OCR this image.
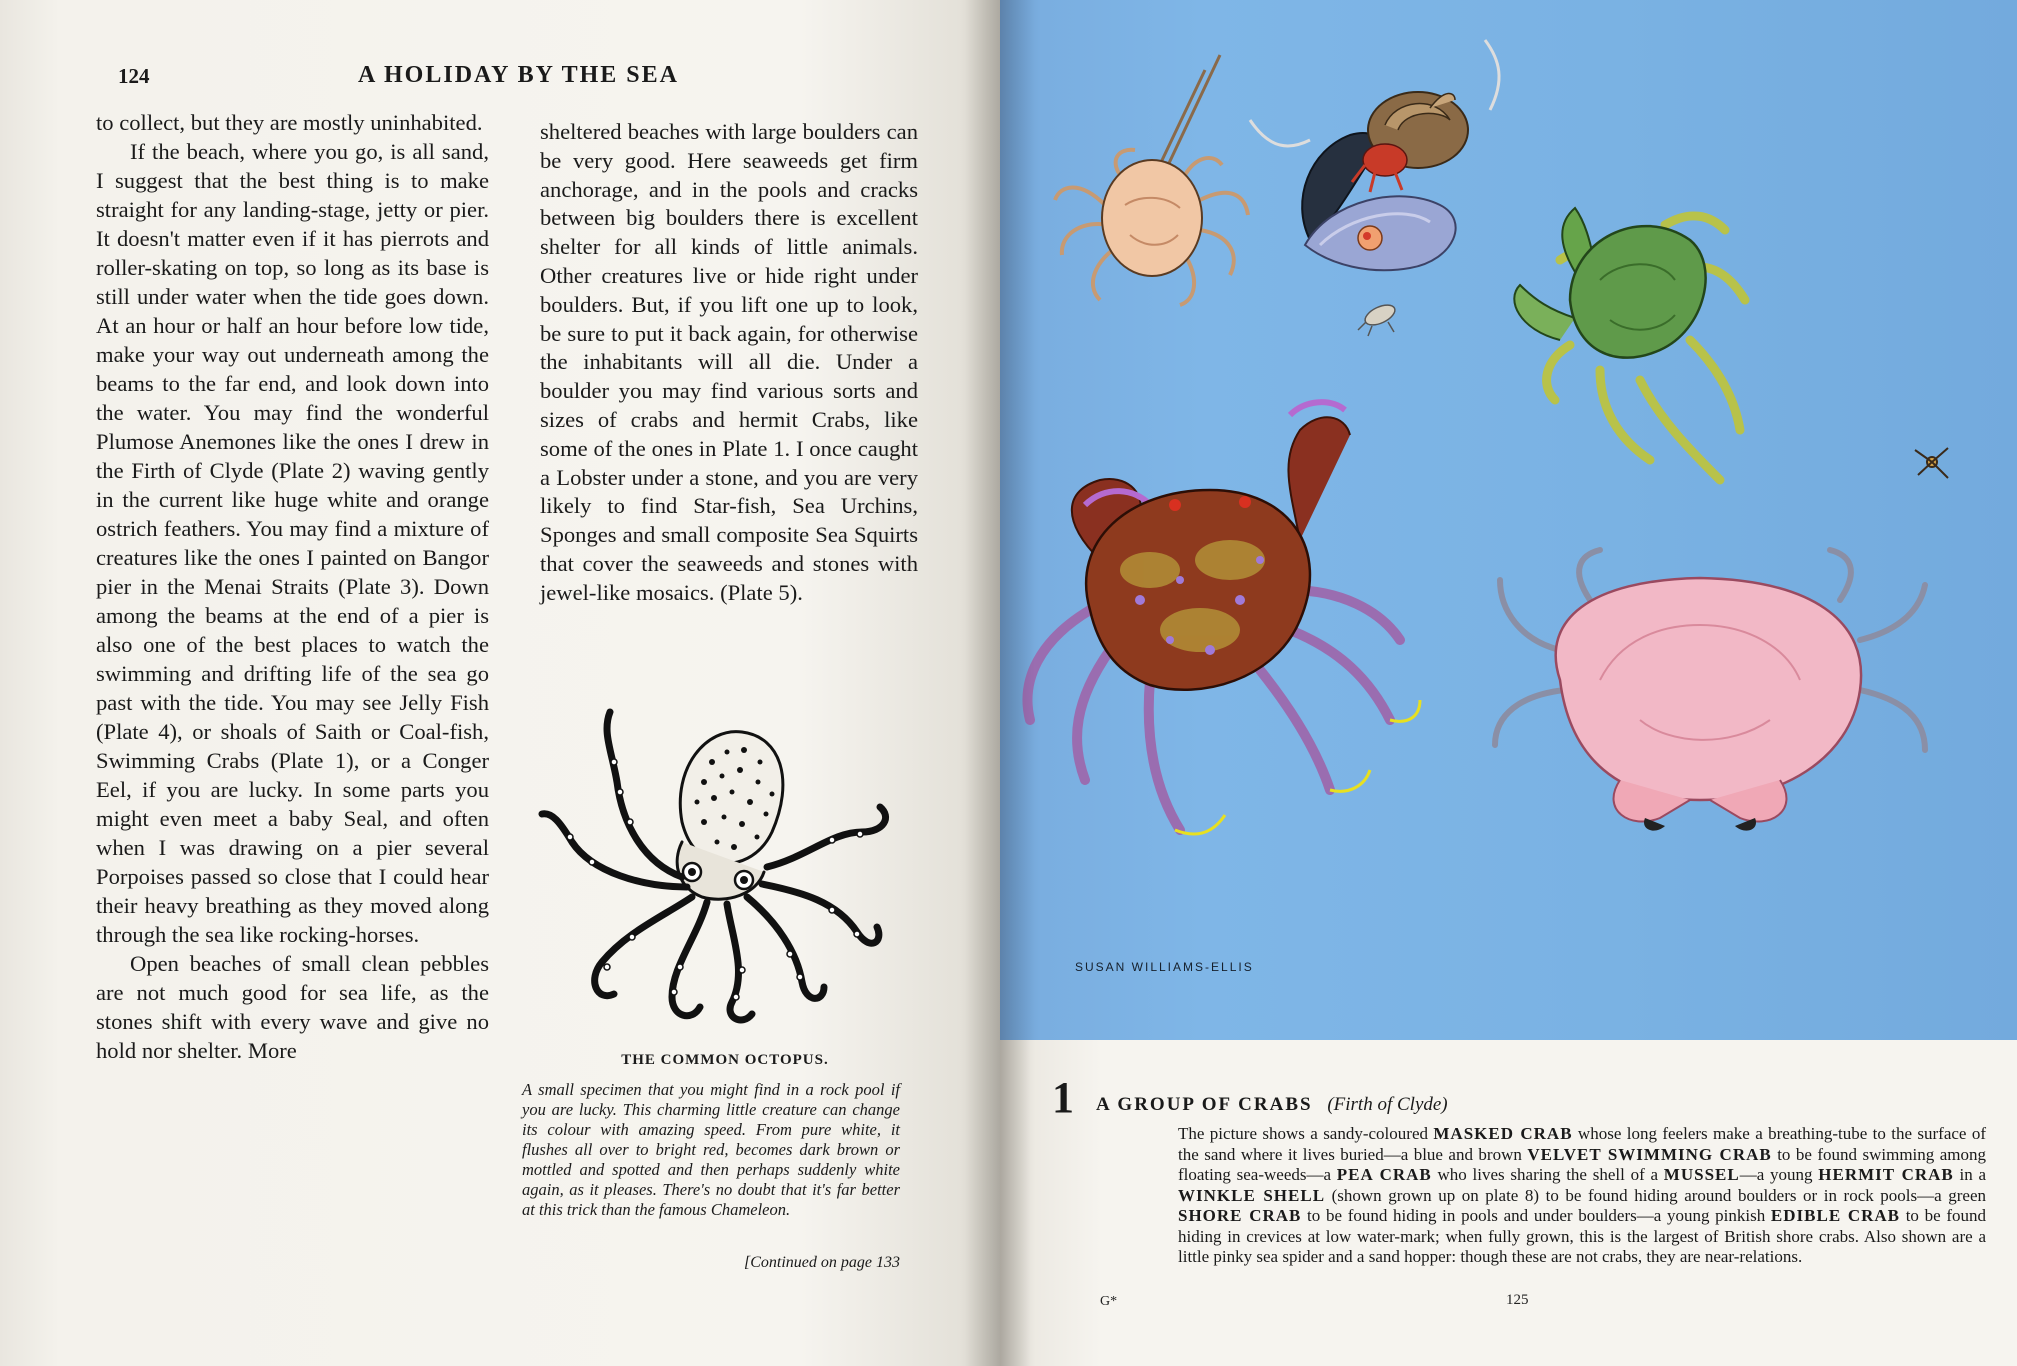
124	A HOLIDAY BY THE SEA

to collect, but they are mostly uninhabited.

If the beach, where you go, is all sand, I suggest that the best thing is to make straight for any landing-stage, jetty or pier. It doesn't matter even if it has pierrots and roller-skating on top, so long as its base is still under water when the tide goes down. At an hour or half an hour before low tide, make your way out underneath among the beams to the far end, and look down into the water. You may find the wonderful Plumose Anemones like the ones I drew in the Firth of Clyde (Plate 2) waving gently in the current like huge white and orange ostrich feathers. You may find a mixture of creatures like the ones I painted on Bangor pier in the Menai Straits (Plate 3). Down among the beams at the end of a pier is also one of the best places to watch the swimming and drifting life of the sea go past with the tide. You may see Jelly Fish (Plate 4), or shoals of Saith or Coal-fish, Swimming Crabs (Plate 1), or a Conger Eel, if you are lucky. In some parts you might even meet a baby Seal, and often when I was drawing on a pier several Porpoises passed so close that I could hear their heavy breathing as they moved along through the sea like rocking-horses.

Open beaches of small clean pebbles are not much good for sea life, as the stones shift with every wave and give no hold nor shelter. More

sheltered beaches with large boulders can be very good. Here seaweeds get firm anchorage, and in the pools and cracks between big boulders there is excellent shelter for all kinds of little animals. Other creatures live or hide right under boulders. But, if you lift one up to look, be sure to put it back again, for otherwise the inhabitants will all die. Under a boulder you may find various sorts and sizes of crabs and hermit Crabs, like some of the ones in Plate 1. I once caught a Lobster under a stone, and you are very likely to find Star-fish, Sea Urchins, Sponges and small composite Sea Squirts that cover the seaweeds and stones with jewel-like mosaics. (Plate 5).

THE COMMON OCTOPUS.
A small specimen that you might find in a rock pool if you are lucky. This charming little creature can change its colour with amazing speed. From pure white, it flushes all over to bright red, becomes dark brown or mottled and spotted and then perhaps suddenly white again, as it pleases. There's no doubt that it's far better at this trick than the famous Chameleon.
[Continued on page 133
SUSAN WILLIAMS-ELLIS
1 A GROUP OF CRABS (Firth of Clyde)
The picture shows a sandy-coloured MASKED CRAB whose long feelers make a breathing-tube to the surface of the sand where it lives buried—a blue and brown VELVET SWIMMING CRAB to be found swimming among floating sea-weeds—a PEA CRAB who lives sharing the shell of a MUSSEL—a young HERMIT CRAB in a WINKLE SHELL (shown grown up on plate 8) to be found hiding around boulders or in rock pools—a green SHORE CRAB to be found hiding in pools and under boulders—a young pinkish EDIBLE CRAB to be found hiding in crevices at low water-mark; when fully grown, this is the largest of British shore crabs. Also shown are a little pinky sea spider and a sand hopper: though these are not crabs, they are near-relations.
G*	125
